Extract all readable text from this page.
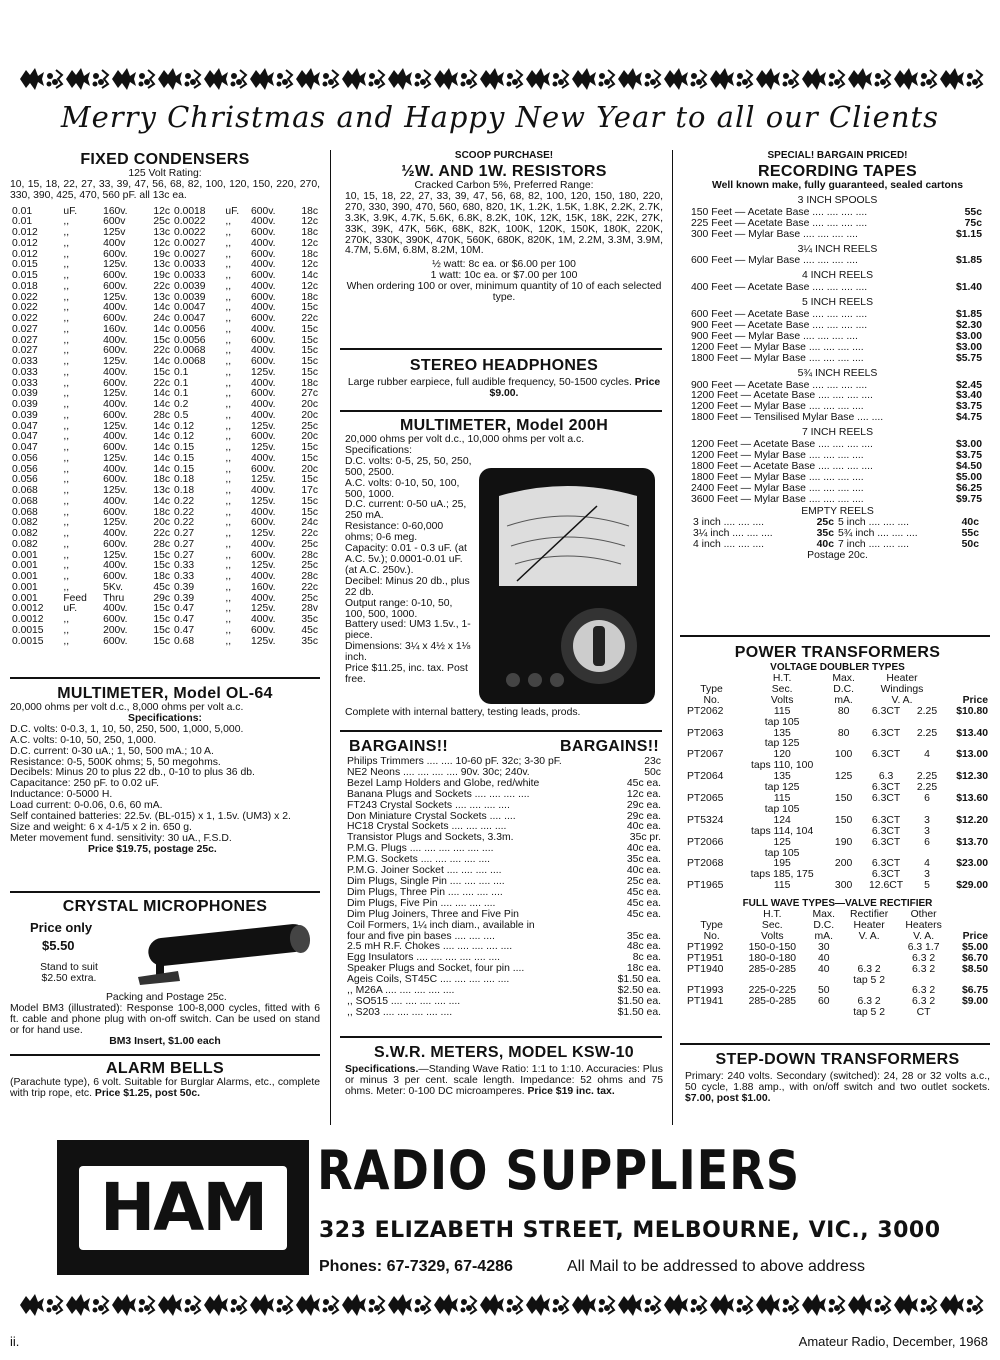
Merry Christmas and Happy New Year to all our Clients
FIXED CONDENSERS
125 Volt Rating:
10, 15, 18, 22, 27, 33, 39, 47, 56, 68, 82, 100, 120, 150, 220, 270, 330, 390, 425, 470, 560 pF. all 13c ea.
0.01	uF.	160v.	12c	0.0018	uF.	600v.	18c
0.01	,,	600v	25c	0.0022	,,	400v.	12c
0.012	,,	125v	13c	0.0022	,,	600v.	18c
0.012	,,	400v	12c	0.0027	,,	400v.	12c
0.012	,,	600v.	19c	0.0027	,,	600v.	18c
0.015	,,	125v.	13c	0.0033	,,	400v.	12c
0.015	,,	600v.	19c	0.0033	,,	600v.	14c
0.018	,,	600v.	22c	0.0039	,,	400v.	12c
0.022	,,	125v.	13c	0.0039	,,	600v.	18c
0.022	,,	400v.	14c	0.0047	,,	400v.	15c
0.022	,,	600v.	24c	0.0047	,,	600v.	22c
0.027	,,	160v.	14c	0.0056	,,	400v.	15c
0.027	,,	400v.	15c	0.0056	,,	600v.	15c
0.027	,,	600v.	22c	0.0068	,,	400v.	15c
0.033	,,	125v.	14c	0.0068	,,	600v.	15c
0.033	,,	400v.	15c	0.1	,,	125v.	15c
0.033	,,	600v.	22c	0.1	,,	400v.	18c
0.039	,,	125v.	14c	0.1	,,	600v.	27c
0.039	,,	400v.	14c	0.2	,,	400v.	20c
0.039	,,	600v.	28c	0.5	,,	400v.	20c
0.047	,,	125v.	14c	0.12	,,	125v.	25c
0.047	,,	400v.	14c	0.12	,,	600v.	20c
0.047	,,	600v.	14c	0.15	,,	125v.	15c
0.056	,,	125v.	14c	0.15	,,	400v.	15c
0.056	,,	400v.	14c	0.15	,,	600v.	20c
0.056	,,	600v.	18c	0.18	,,	125v.	15c
0.068	,,	125v.	13c	0.18	,,	400v.	17c
0.068	,,	400v.	14c	0.22	,,	125v.	15c
0.068	,,	600v.	18c	0.22	,,	400v.	15c
0.082	,,	125v.	20c	0.22	,,	600v.	24c
0.082	,,	400v.	22c	0.27	,,	125v.	22c
0.082	,,	600v.	28c	0.27	,,	400v.	25c
0.001	,,	125v.	15c	0.27	,,	600v.	28c
0.001	,,	400v.	15c	0.33	,,	125v.	25c
0.001	,,	600v.	18c	0.33	,,	400v.	28c
0.001	,,	5Kv.	45c	0.39	,,	160v.	22c
0.001	Feed	Thru	29c	0.39	,,	400v.	25c
0.0012	uF.	400v.	15c	0.47	,,	125v.	28v
0.0012	,,	600v.	15c	0.47	,,	400v.	35c
0.0015	,,	200v.	15c	0.47	,,	600v.	45c
0.0015	,,	600v.	15c	0.68	,,	125v.	35c
MULTIMETER, Model OL-64
20,000 ohms per volt d.c., 8,000 ohms per volt a.c.
Specifications:
D.C. volts: 0-0.3, 1, 10, 50, 250, 500, 1,000, 5,000.
A.C. volts: 0-10, 50, 250, 1,000.
D.C. current: 0-30 uA.; 1, 50, 500 mA.; 10 A.
Resistance: 0-5, 500K ohms; 5, 50 megohms.
Decibels: Minus 20 to plus 22 db., 0-10 to plus 36 db.
Capacitance: 250 pF. to 0.02 uF.
Inductance: 0-5000 H.
Load current: 0-0.06, 0.6, 60 mA.
Self contained batteries: 22.5v. (BL-015) x 1, 1.5v. (UM3) x 2.
Size and weight: 6 x 4-1/5 x 2 in. 650 g.
Meter movement fund. sensitivity: 30 uA., F.S.D.
Price $19.75, postage 25c.
CRYSTAL MICROPHONES
Price only
$5.50
Stand to suit $2.50 extra.
Packing and Postage 25c.
Model BM3 (illustrated): Response 100-8,000 cycles, fitted with 6 ft. cable and phone plug with on-off switch. Can be used on stand or for hand use.
BM3 Insert, $1.00 each
ALARM BELLS
(Parachute type), 6 volt. Suitable for Burglar Alarms, etc., complete with trip rope, etc. Price $1.25, post 50c.
SCOOP PURCHASE!
½W. AND 1W. RESISTORS
Cracked Carbon 5%, Preferred Range:
10, 15, 18, 22, 27, 33, 39, 47, 56, 68, 82, 100, 120, 150, 180, 220, 270, 330, 390, 470, 560, 680, 820, 1K, 1.2K, 1.5K, 1.8K, 2.2K, 2.7K, 3.3K, 3.9K, 4.7K, 5.6K, 6.8K, 8.2K, 10K, 12K, 15K, 18K, 22K, 27K, 33K, 39K, 47K, 56K, 68K, 82K, 100K, 120K, 150K, 180K, 220K, 270K, 330K, 390K, 470K, 560K, 680K, 820K, 1M, 2.2M, 3.3M, 3.9M, 4.7M, 5.6M, 6.8M, 8.2M, 10M.
½ watt: 8c ea. or $6.00 per 100
1 watt: 10c ea. or $7.00 per 100
When ordering 100 or over, minimum quantity of 10 of each selected type.
STEREO HEADPHONES
Large rubber earpiece, full audible frequency, 50-1500 cycles. Price $9.00.
MULTIMETER, Model 200H
20,000 ohms per volt d.c., 10,000 ohms per volt a.c.
Specifications:
D.C. volts: 0-5, 25, 50, 250, 500, 2500.
A.C. volts: 0-10, 50, 100, 500, 1000.
D.C. current: 0-50 uA.; 25, 250 mA.
Resistance: 0-60,000 ohms; 0-6 meg.
Capacity: 0.01 - 0.3 uF. (at A.C. 5v.); 0.0001-0.01 uF. (at A.C. 250v.).
Decibel: Minus 20 db., plus 22 db.
Output range: 0-10, 50, 100, 500, 1000.
Battery used: UM3 1.5v., 1-piece.
Dimensions: 3¼ x 4½ x 1⅛ inch.
Price $11.25, inc. tax. Post free.
Complete with internal battery, testing leads, prods.
BARGAINS!!	BARGAINS!!
Philips Trimmers .... .... 10-60 pF. 32c; 3-30 pF.	23c
NE2 Neons .... .... .... .... 90v. 30c; 240v.	50c
Bezel Lamp Holders and Globe, red/white	45c ea.
Banana Plugs and Sockets .... .... .... ....	12c ea.
FT243 Crystal Sockets .... .... .... ....	29c ea.
Don Miniature Crystal Sockets .... ....	29c ea.
HC18 Crystal Sockets .... .... .... ....	40c ea.
Transistor Plugs and Sockets, 3.3m.	35c pr.
P.M.G. Plugs .... .... .... .... .... ....	40c ea.
P.M.G. Sockets .... .... .... .... ....	35c ea.
P.M.G. Joiner Socket .... .... .... ....	40c ea.
Dim Plugs, Single Pin .... .... .... ....	25c ea.
Dim Plugs, Three Pin .... .... .... ....	45c ea.
Dim Plugs, Five Pin .... .... .... ....	45c ea.
Dim Plug Joiners, Three and Five Pin	45c ea.
Coil Formers, 1¼ inch diam., available in	
four and five pin bases .... .... ....	35c ea.
2.5 mH R.F. Chokes .... .... .... .... ....	48c ea.
Egg Insulators .... .... .... .... .... ....	8c ea.
Speaker Plugs and Socket, four pin ....	18c ea.
Ageis Coils, ST45C .... .... .... .... ....	$1.50 ea.
,, M26A .... .... .... .... ....	$2.50 ea.
,, SO515 .... .... .... .... ....	$1.50 ea.
,, S203 .... .... .... .... ....	$1.50 ea.
S.W.R. METERS, MODEL KSW-10
Specifications.—Standing Wave Ratio: 1:1 to 1:10. Accuracies: Plus or minus 3 per cent. scale length. Impedance: 52 ohms and 75 ohms. Meter: 0-100 DC microamperes. Price $19 inc. tax.
SPECIAL! BARGAIN PRICED!
RECORDING TAPES
Well known make, fully guaranteed, sealed cartons
3 INCH SPOOLS
150 Feet — Acetate Base .... .... .... ....	55c
225 Feet — Acetate Base .... .... .... ....	75c
300 Feet — Mylar Base .... .... .... ....	$1.15
3¼ INCH REELS
600 Feet — Mylar Base .... .... .... ....	$1.85
4 INCH REELS
400 Feet — Acetate Base .... .... .... ....	$1.40
5 INCH REELS
600 Feet — Acetate Base .... .... .... ....	$1.85
900 Feet — Acetate Base .... .... .... ....	$2.30
900 Feet — Mylar Base .... .... .... ....	$3.00
1200 Feet — Mylar Base .... .... .... ....	$3.00
1800 Feet — Mylar Base .... .... .... ....	$5.75
5¾ INCH REELS
900 Feet — Acetate Base .... .... .... ....	$2.45
1200 Feet — Acetate Base .... .... .... ....	$3.40
1200 Feet — Mylar Base .... .... .... ....	$3.75
1800 Feet — Tensilised Mylar Base .... ....	$4.75
7 INCH REELS
1200 Feet — Acetate Base .... .... .... ....	$3.00
1200 Feet — Mylar Base .... .... .... ....	$3.75
1800 Feet — Acetate Base .... .... .... ....	$4.50
1800 Feet — Mylar Base .... .... .... ....	$5.00
2400 Feet — Mylar Base .... .... .... ....	$6.25
3600 Feet — Mylar Base .... .... .... ....	$9.75
EMPTY REELS
3 inch .... .... ....	25c	5 inch .... .... ....	40c
3¼ inch .... .... ....	35c	5¾ inch .... .... ....	55c
4 inch .... .... ....	40c	7 inch .... .... ....	50c
Postage 20c.
POWER TRANSFORMERS
VOLTAGE DOUBLER TYPES
	H.T.	Max.	Heater		
Type	Sec.	D.C.	Windings		
No.	Volts	mA.	V. A.		Price
PT2062	115	80	6.3CT	2.25	$10.80
	tap 105				
PT2063	135	80	6.3CT	2.25	$13.40
	tap 125				
PT2067	120	100	6.3CT	4	$13.00
	taps 110, 100				
PT2064	135	125	6.3	2.25	$12.30
	tap 125		6.3CT	2.25	
PT2065	115	150	6.3CT	6	$13.60
	tap 105				
PT5324	124	150	6.3CT	3	$12.20
	taps 114, 104		6.3CT	3	
PT2066	125	190	6.3CT	6	$13.70
	tap 105				
PT2068	195	200	6.3CT	4	$23.00
	taps 185, 175		6.3CT	3	
PT1965	115	300	12.6CT	5	$29.00
FULL WAVE TYPES—VALVE RECTIFIER
	H.T.	Max.	Rectifier	Other	
Type	Sec.	D.C.	Heater	Heaters	
No.	Volts	mA.	V. A.	V. A.	Price
PT1992	150-0-150	30		6.3 1.7	$5.00
PT1951	180-0-180	40		6.3 2	$6.70
PT1940	285-0-285	40	6.3 2	6.3 2	$8.50
			tap 5 2		
PT1993	225-0-225	50		6.3 2	$6.75
PT1941	285-0-285	60	6.3 2	6.3 2	$9.00
			tap 5 2	CT	
STEP-DOWN TRANSFORMERS
Primary: 240 volts. Secondary (switched): 24, 28 or 32 volts a.c., 50 cycle, 1.88 amp., with on/off switch and two outlet sockets. $7.00, post $1.00.
HAM RADIO SUPPLIERS
323 ELIZABETH STREET, MELBOURNE, VIC., 3000
Phones: 67-7329, 67-4286	All Mail to be addressed to above address
ii.	Amateur Radio, December, 1968
